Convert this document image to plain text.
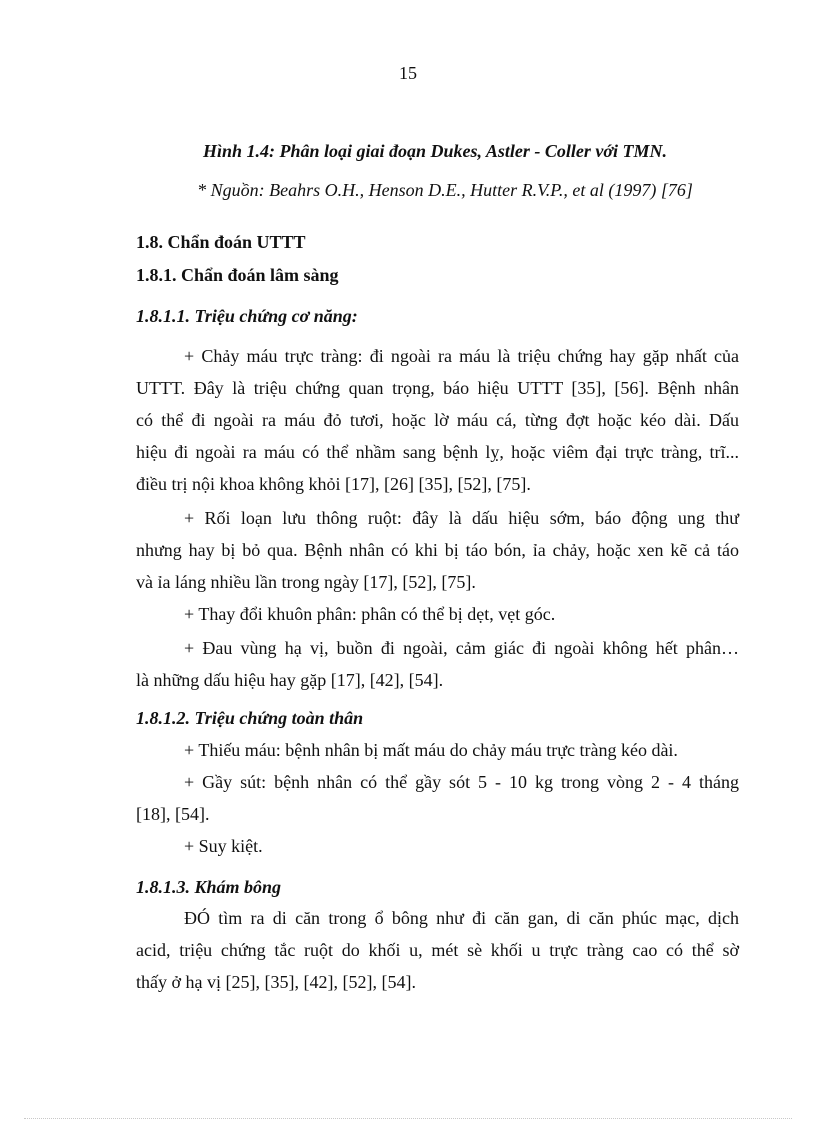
15
Hình 1.4: Phân loại giai đoạn Dukes, Astler - Coller với TMN.
* Nguồn: Beahrs O.H., Henson D.E., Hutter R.V.P., et al (1997) [76]
1.8. Chẩn đoán UTTT
1.8.1. Chẩn đoán lâm sàng
1.8.1.1. Triệu chứng cơ năng:
+ Chảy máu trực tràng: đi ngoài ra máu là triệu chứng hay gặp nhất của
UTTT. Đây là triệu chứng quan trọng, báo hiệu UTTT [35], [56]. Bệnh nhân
có thể đi ngoài ra máu đỏ tươi, hoặc lờ máu cá, từng đợt hoặc kéo dài. Dấu
hiệu đi ngoài ra máu có thể nhầm sang bệnh lỵ, hoặc viêm đại trực tràng, trĩ...
điều trị nội khoa không khỏi [17], [26] [35], [52], [75].
+ Rối loạn lưu thông ruột: đây là dấu hiệu sớm, báo động ung thư
nhưng hay bị bỏ qua. Bệnh nhân có khi bị táo bón, ỉa chảy, hoặc xen kẽ cả táo
và ỉa láng nhiều lần trong ngày [17], [52], [75].
+ Thay đổi khuôn phân: phân có thể bị dẹt, vẹt góc.
+ Đau vùng hạ vị, buồn đi ngoài, cảm giác đi ngoài không hết phân…
là những dấu hiệu hay gặp [17], [42], [54].
1.8.1.2. Triệu chứng toàn thân
+ Thiếu máu: bệnh nhân bị mất máu do chảy máu trực tràng kéo dài.
+ Gầy sút: bệnh nhân có thể gầy sót 5 - 10 kg trong vòng 2 - 4 tháng
[18], [54].
+ Suy kiệt.
1.8.1.3. Khám bông
ĐÓ tìm ra di căn trong ổ bông như đi căn gan, di căn phúc mạc, dịch
acid, triệu chứng tắc ruột do khối u, mét sè khối u trực tràng cao có thể sờ
thấy ở hạ vị [25], [35], [42], [52], [54].
